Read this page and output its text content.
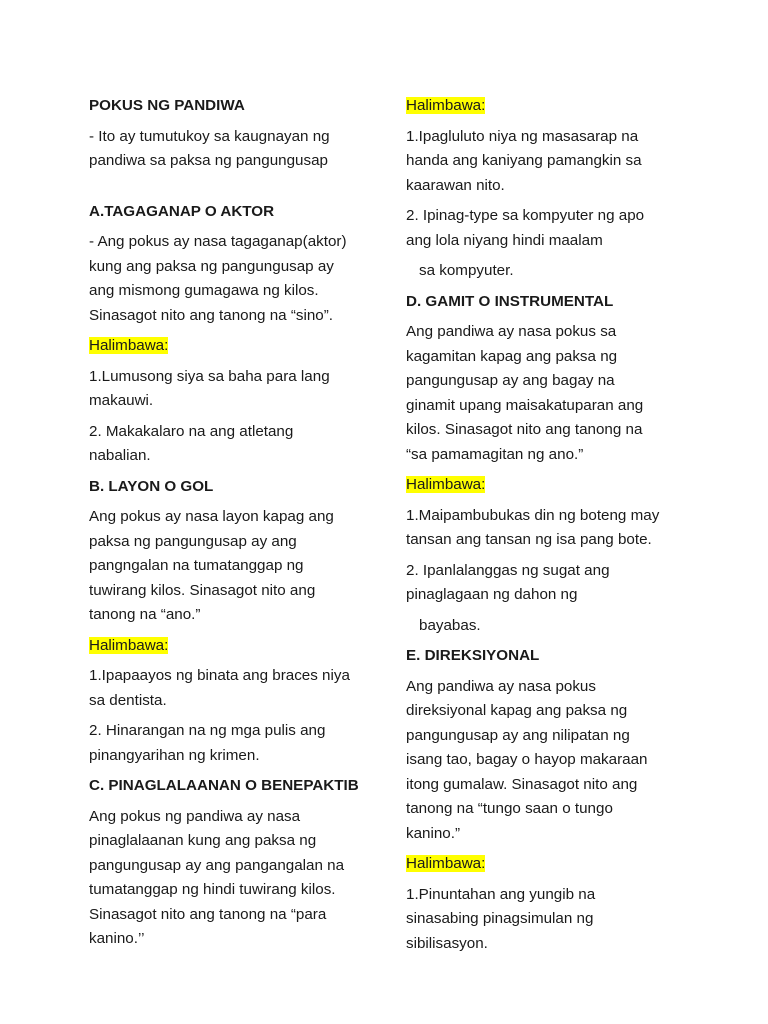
POKUS NG PANDIWA
- Ito ay tumutukoy sa kaugnayan ng
pandiwa sa paksa ng pangungusap
A.TAGAGANAP O AKTOR
- Ang pokus ay nasa tagaganap(aktor)
kung ang paksa ng pangungusap ay
ang mismong gumagawa ng kilos.
Sinasagot nito ang tanong na “sino”.
Halimbawa:
1.Lumusong siya sa baha para lang
makauwi.
2. Makakalaro na ang atletang
nabalian.
B. LAYON O GOL
Ang pokus ay nasa layon kapag ang
paksa ng pangungusap ay ang
pangngalan na tumatanggap ng
tuwirang kilos. Sinasagot nito ang
tanong na “ano.”
Halimbawa:
1.Ipapaayos ng binata ang braces niya
sa dentista.
2. Hinarangan na ng mga pulis ang
pinangyarihan ng krimen.
C. PINAGLALAANAN O BENEPAKTIB
Ang pokus ng pandiwa ay nasa
pinaglalaanan kung ang paksa ng
pangungusap ay ang pangangalan na
tumatanggap ng hindi tuwirang kilos.
Sinasagot nito ang tanong na “para
kanino.’’
Halimbawa:
1.Ipagluluto niya ng masasarap na
handa ang kaniyang pamangkin sa
kaarawan nito.
2. Ipinag-type sa kompyuter ng apo
ang lola niyang hindi maalam
sa kompyuter.
D. GAMIT O INSTRUMENTAL
Ang pandiwa ay nasa pokus sa
kagamitan kapag ang paksa ng
pangungusap ay ang bagay na
ginamit upang maisakatuparan ang
kilos. Sinasagot nito ang tanong na
“sa pamamagitan ng ano.”
Halimbawa:
1.Maipambubukas din ng boteng may
tansan ang tansan ng isa pang bote.
2. Ipanlalanggas ng sugat ang
pinaglagaan ng dahon ng
bayabas.
E. DIREKSIYONAL
Ang pandiwa ay nasa pokus
direksiyonal kapag ang paksa ng
pangungusap ay ang nilipatan ng
isang tao, bagay o hayop makaraan
itong gumalaw. Sinasagot nito ang
tanong na “tungo saan o tungo
kanino.”
Halimbawa:
1.Pinuntahan ang yungib na
sinasabing pinagsimulan ng
sibilisasyon.
